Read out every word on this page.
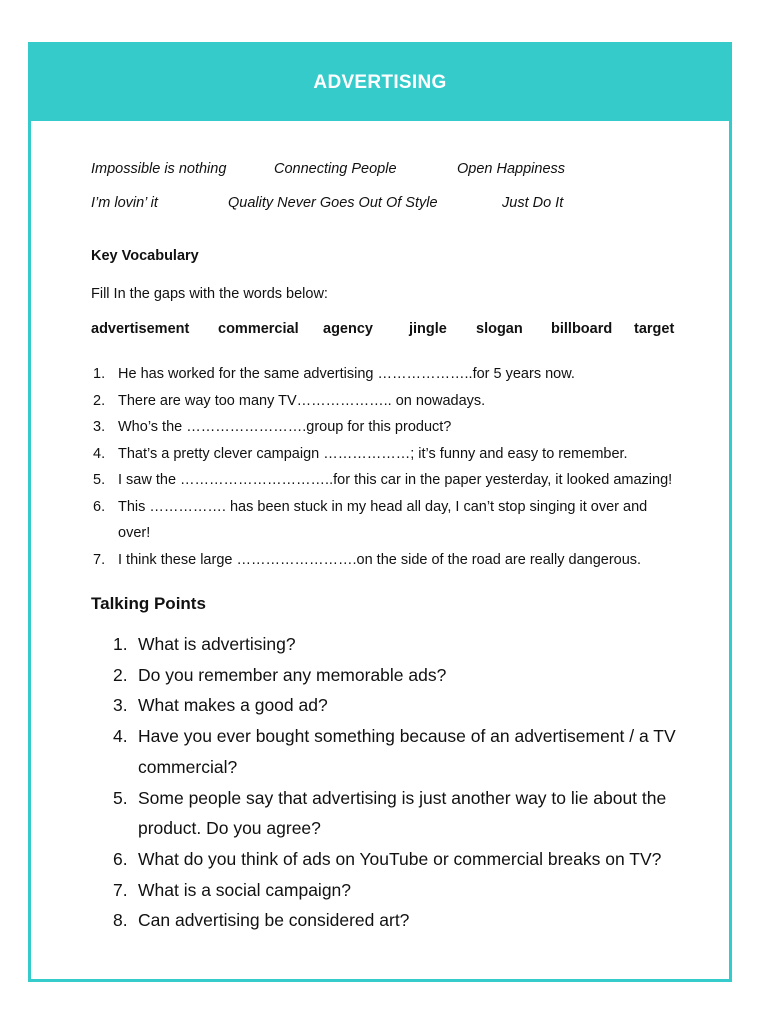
ADVERTISING
Impossible is nothing	Connecting People	Open Happiness
I’m lovin’ it	Quality Never Goes Out Of Style	Just Do It
Key Vocabulary
Fill In the gaps with the words below:
advertisement commercial agency jingle slogan billboard target
1. He has worked for the same advertising ………………..for 5 years now.
2. There are way too many TV……………….. on nowadays.
3. Who’s the …………………….group for this product?
4. That’s a pretty clever campaign ………………; it’s funny and easy to remember.
5. I saw the …………………………..for this car in the paper yesterday, it looked amazing!
6. This ……………. has been stuck in my head all day, I can’t stop singing it over and over!
7. I think these large …………………….on the side of the road are really dangerous.
Talking Points
1. What is advertising?
2. Do you remember any memorable ads?
3. What makes a good ad?
4. Have you ever bought something because of an advertisement / a TV commercial?
5. Some people say that advertising is just another way to lie about the product. Do you agree?
6. What do you think of ads on YouTube or commercial breaks on TV?
7. What is a social campaign?
8. Can advertising be considered art?
